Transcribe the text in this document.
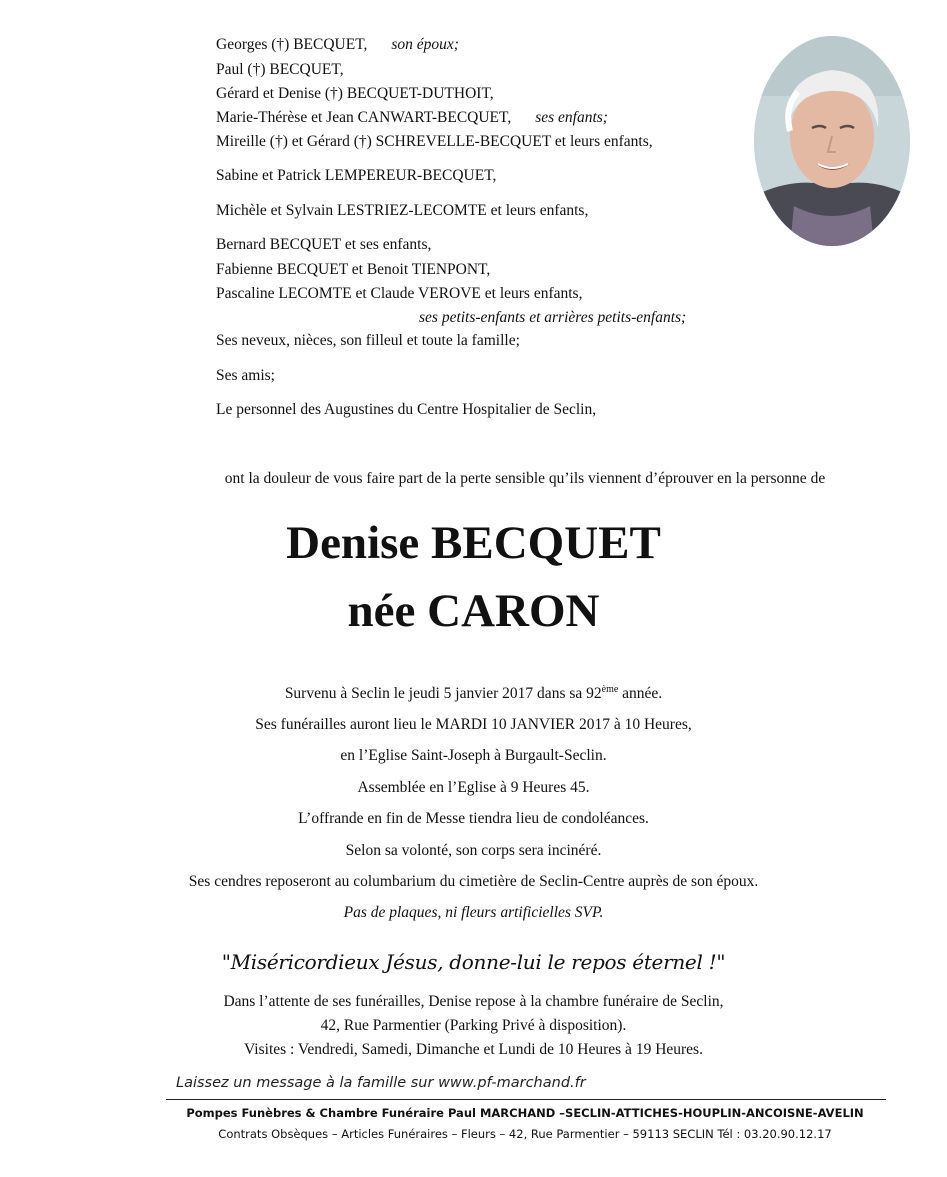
Georges (†) BECQUET, son époux;
Paul (†) BECQUET,
Gérard et Denise (†) BECQUET-DUTHOIT,
Marie-Thérèse et Jean CANWART-BECQUET, ses enfants;
Mireille (†) et Gérard (†) SCHREVELLE-BECQUET et leurs enfants,
Sabine et Patrick LEMPEREUR-BECQUET,
Michèle et Sylvain LESTRIEZ-LECOMTE et leurs enfants,
Bernard BECQUET et ses enfants,
Fabienne BECQUET et Benoit TIENPONT,
Pascaline LECOMTE et Claude VEROVE et leurs enfants,
ses petits-enfants et arrières petits-enfants;
Ses neveux, nièces, son filleul et toute la famille;
Ses amis;
Le personnel des Augustines du Centre Hospitalier de Seclin,
ont la douleur de vous faire part de la perte sensible qu’ils viennent d’éprouver en la personne de
Denise BECQUET
née CARON
Survenu à Seclin le jeudi 5 janvier 2017 dans sa 92ème année.
Ses funérailles auront lieu le MARDI 10 JANVIER 2017 à 10 Heures,
en l’Eglise Saint-Joseph à Burgault-Seclin.
Assemblée en l’Eglise à 9 Heures 45.
L’offrande en fin de Messe tiendra lieu de condoléances.
Selon sa volonté, son corps sera incinéré.
Ses cendres reposeront au columbarium du cimetière de Seclin-Centre auprès de son époux.
Pas de plaques, ni fleurs artificielles SVP.
"Miséricordieux Jésus, donne-lui le repos éternel !"
Dans l’attente de ses funérailles, Denise repose à la chambre funéraire de Seclin,
42, Rue Parmentier (Parking Privé à disposition).
Visites : Vendredi, Samedi, Dimanche et Lundi de 10 Heures à 19 Heures.
Laissez un message à la famille sur www.pf-marchand.fr
Pompes Funèbres & Chambre Funéraire Paul MARCHAND –SECLIN-ATTICHES-HOUPLIN-ANCOISNE-AVELIN
Contrats Obsèques – Articles Funéraires – Fleurs – 42, Rue Parmentier – 59113 SECLIN Tél : 03.20.90.12.17
